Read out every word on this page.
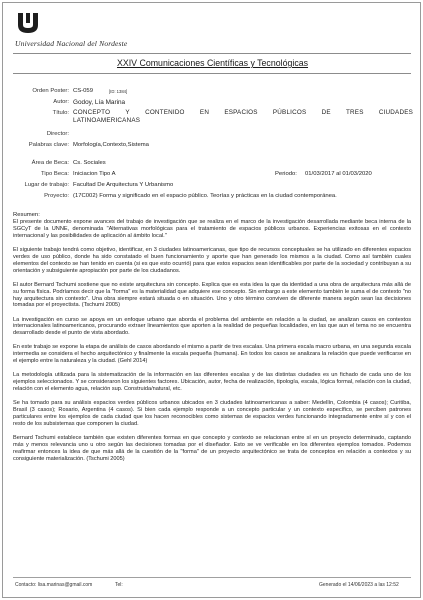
Universidad Nacional del Nordeste
XXIV Comunicaciones Científicas y Tecnológicas
Orden Poster: CS-059	[ID: 1384]
Autor: Godoy, Lía Marina
Título: CONCEPTO Y CONTENIDO EN ESPACIOS PÚBLICOS DE TRES CIUDADES
LATINOAMERICANAS
Director:
Palabras clave: Morfología,Contexto,Sistema
Área de Beca: Cs. Sociales
Tipo Beca: Iniciacion Tipo A	Periodo: 01/03/2017 al 01/03/2020
Lugar de trabajo: Facultad De Arquitectura Y Urbanismo
Proyecto: (17C002) Forma y significado en el espacio público. Teorías y prácticas en la ciudad contemporánea.
Resumen:

El presente documento expone avances del trabajo de investigación que se realiza en el marco de la investigación desarrollada mediante beca interna de la SGCyT de la UNNE, denominada "Alternativas morfológicas para el tratamiento de espacios públicos urbanos. Experiencias exitosas en el contexto internacional y las posibilidades de aplicación al ámbito local."

El siguiente trabajo tendrá como objetivo, identificar, en 3 ciudades latinoamericanas, que tipo de recursos conceptuales se ha utilizado en diferentes espacios verdes de uso público, donde ha sido constatado el buen funcionamiento y aporte que han generado los mismos a la ciudad. Como así también cuales elementos del contexto se han tenido en cuenta (si es que esto ocurrió) para que estos espacios sean identificables por parte de la sociedad y contribuyan a su orientación y subsiguiente apropiación por parte de los ciudadanos.

El autor Bernard Tschumi sostiene que no existe arquitectura sin concepto. Explica que es esta idea la que da identidad a una obra de arquitectura más allá de su forma física. Podríamos decir que la "forma" es la materialidad que adquiere ese concepto. Sin embargo a este elemento también le suma el de contexto "no hay arquitectura sin contexto". Una obra siempre estará situada o en situación. Uno y otro término conviven de diferente manera según sean las decisiones tomadas por el proyectista. (Tschumi 2005)

La investigación en curso se apoya en un enfoque urbano que aborda el problema del ambiente en relación a la ciudad, se analizan casos en contextos internacionales latinoamericanos, procurando extraer lineamientos que aporten a la realidad de pequeñas localidades, en las que aun el tema no se encuentra desarrollado desde el punto de vista abordado.

En este trabajo se expone la etapa de análisis de casos abordando el mismo a partir de tres escalas. Una primera escala macro urbana, en una segunda escala intermedia se considera el hecho arquitectónico y finalmente la escala pequeña (humana). En todos los casos se analizara la relación que puede verificarse en el ejemplo entre la naturaleza y la ciudad. (Gehl 2014)

La metodología utilizada para la sistematización de la información en las diferentes escalas y de las distintas ciudades es un fichado de cada uno de los ejemplos seleccionados. Y se consideraron los siguientes factores. Ubicación, autor, fecha de realización, tipología, escala, lógica formal, relación con la ciudad, relación con el elemento agua, relación sup. Construida/natural, etc.

Se ha tomado para su análisis espacios verdes públicos urbanos ubicados en 3 ciudades latinoamericanas a saber: Medellín, Colombia (4 casos); Curitiba, Brasil (3 casos); Rosario, Argentina (4 casos). Si bien cada ejemplo responde a un concepto particular y un contexto específico, se perciben patrones particulares entre los ejemplos de cada ciudad que los hacen reconocibles como sistemas de espacios verdes funcionando integradamente entre sí y con el resto de los subsistemas que componen la ciudad.

Bernard Tschumi establece también que existen diferentes formas en que concepto y contexto se relacionan entre sí en un proyecto determinado, captando más y menos relevancia uno u otro según las decisiones tomadas por el diseñador. Esto se ve verificable en los diferentes ejemplos tomados. Podemos reafirmar entonces la idea de que más allá de la cuestión de la "forma" de un proyecto arquitectónico se trata de conceptos en relación a contextos y su consiguiente materialización. (Tschumi 2005)

Contacto: lisa.marinas@gmail.com	Tel:	Generado el 14/06/2023 a las 12:52
